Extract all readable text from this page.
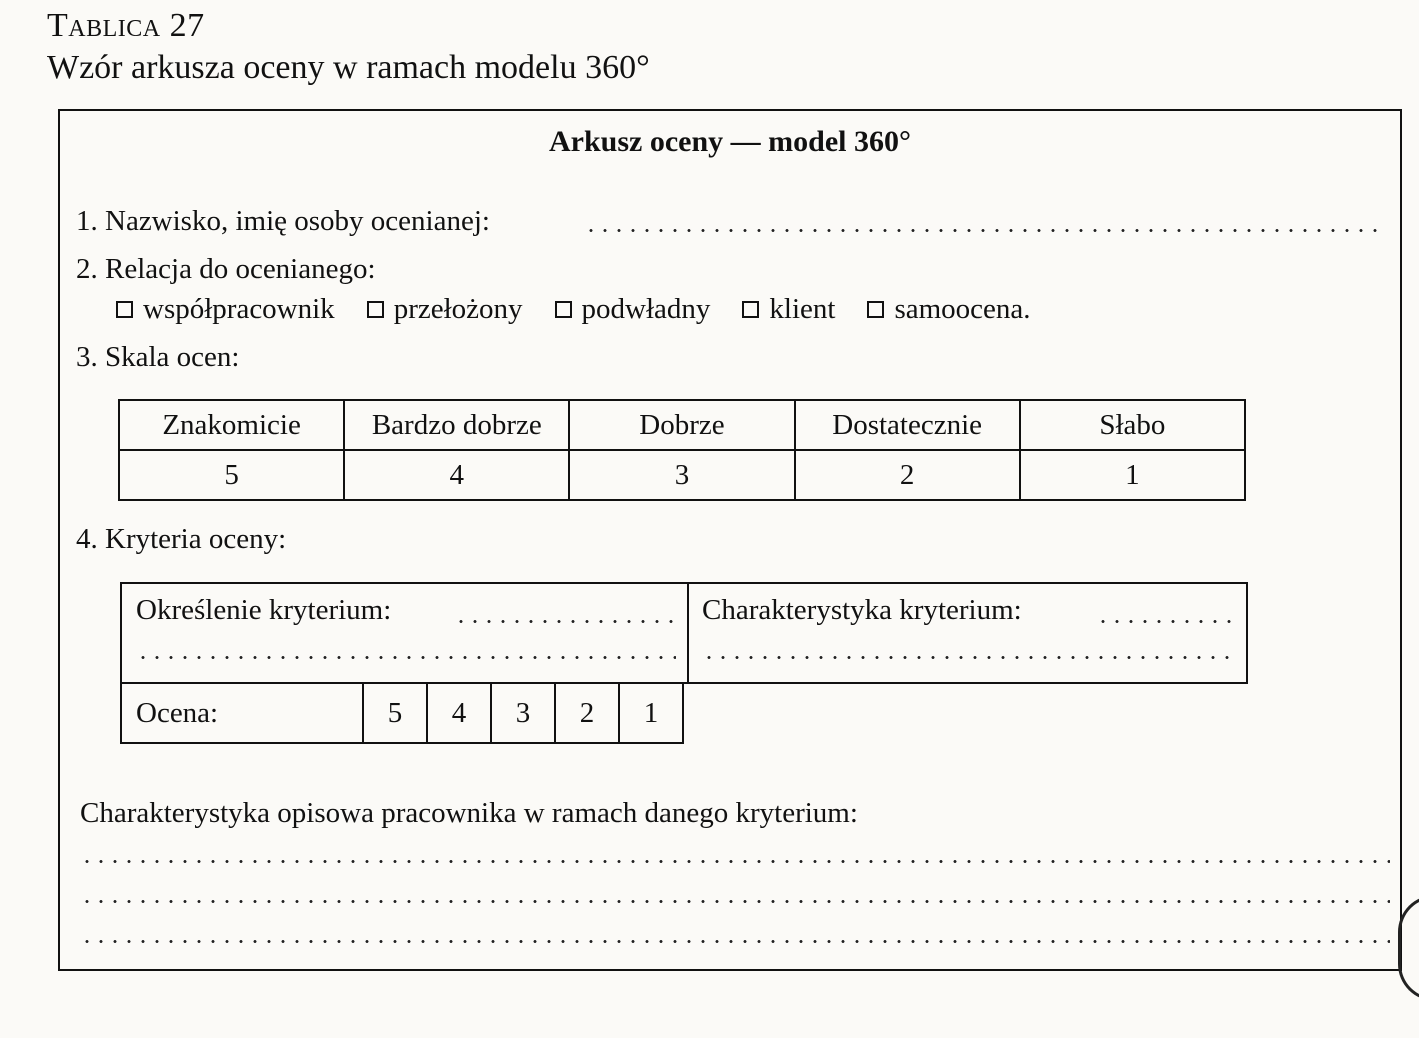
Tablica 27
Wzór arkusza oceny w ramach modelu 360°
Arkusz oceny — model 360°
1. Nazwisko, imię osoby ocenianej:
2. Relacja do ocenianego:
współpracownik przełożony podwładny klient samoocena.
3. Skala ocen:
Znakomicie	Bardzo dobrze	Dobrze	Dostatecznie	Słabo
5	4	3	2	1
4. Kryteria oceny:
Określenie kryterium:	Charakterystyka kryterium:
Ocena:	5	4	3	2	1
Charakterystyka opisowa pracownika w ramach danego kryterium:
